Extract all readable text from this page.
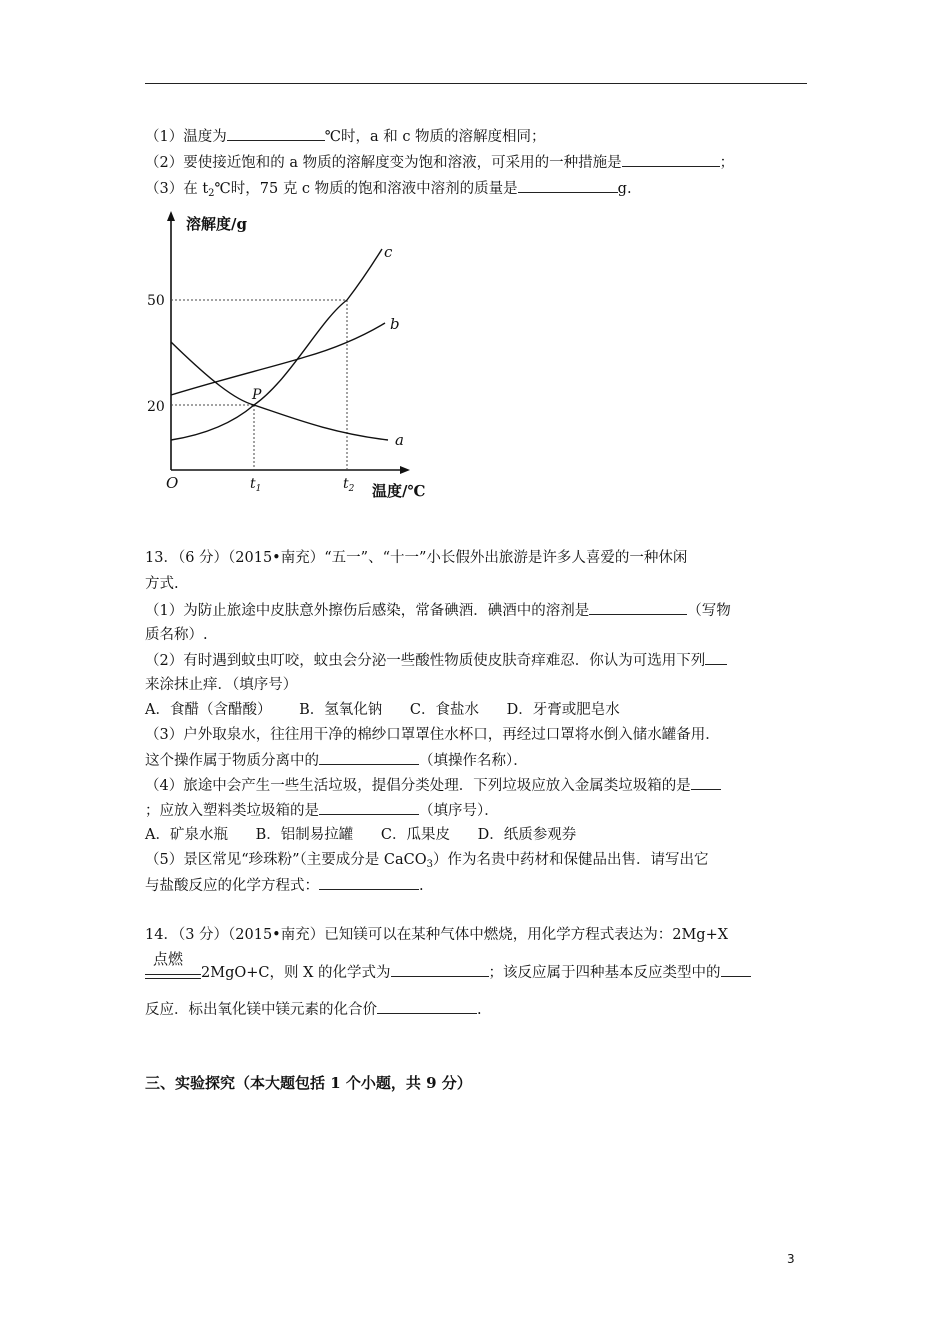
（1）温度为	℃时，a 和 c 物质的溶解度相同；
（2）要使接近饱和的 a 物质的溶解度变为饱和溶液，可采用的一种措施是	；
（3）在 $t_2℃$时，75 克 c 物质的饱和溶液中溶剂的质量是	g.
溶解度/g
温度/℃
O
50
20
$t_1$	$t_2$
P
a
b
c
13．（6 分）（2015•南充）“五一”、“十一”小长假外出旅游是许多人喜爱的一种休闲
方式.
（1）为防止旅途中皮肤意外擦伤后感染，常备碘酒．碘酒中的溶剂是	（写物
质名称）.
（2）有时遇到蚊虫叮咬，蚊虫会分泌一些酸性物质使皮肤奇痒难忍．你认为可选用下列
来涂抹止痒．（填序号）
A．食醋（含醋酸）      B．氢氧化钠      C．食盐水      D．牙膏或肥皂水
（3）户外取泉水，往往用干净的棉纱口罩罩住水杯口，再经过口罩将水倒入储水罐备用．
这个操作属于物质分离中的	（填操作名称）．
（4）旅途中会产生一些生活垃圾，提倡分类处理．下列垃圾应放入金属类垃圾箱的是
；应放入塑料类垃圾箱的是	（填序号）．
A．矿泉水瓶      B．铝制易拉罐      C．瓜果皮      D．纸质参观券
（5）景区常见“珍珠粉”（主要成分是 CaCO$_3$）作为名贵中药材和保健品出售．请写出它
与盐酸反应的化学方程式：	.
14．（3 分）（2015•南充）已知镁可以在某种气体中燃烧，用化学方程式表达为：2Mg+X
点燃
2MgO+C，则 X 的化学式为	；该反应属于四种基本反应类型中的
反应．标出氧化镁中镁元素的化合价	.
三、实验探究（本大题包括 1 个小题，共 9 分）
3
